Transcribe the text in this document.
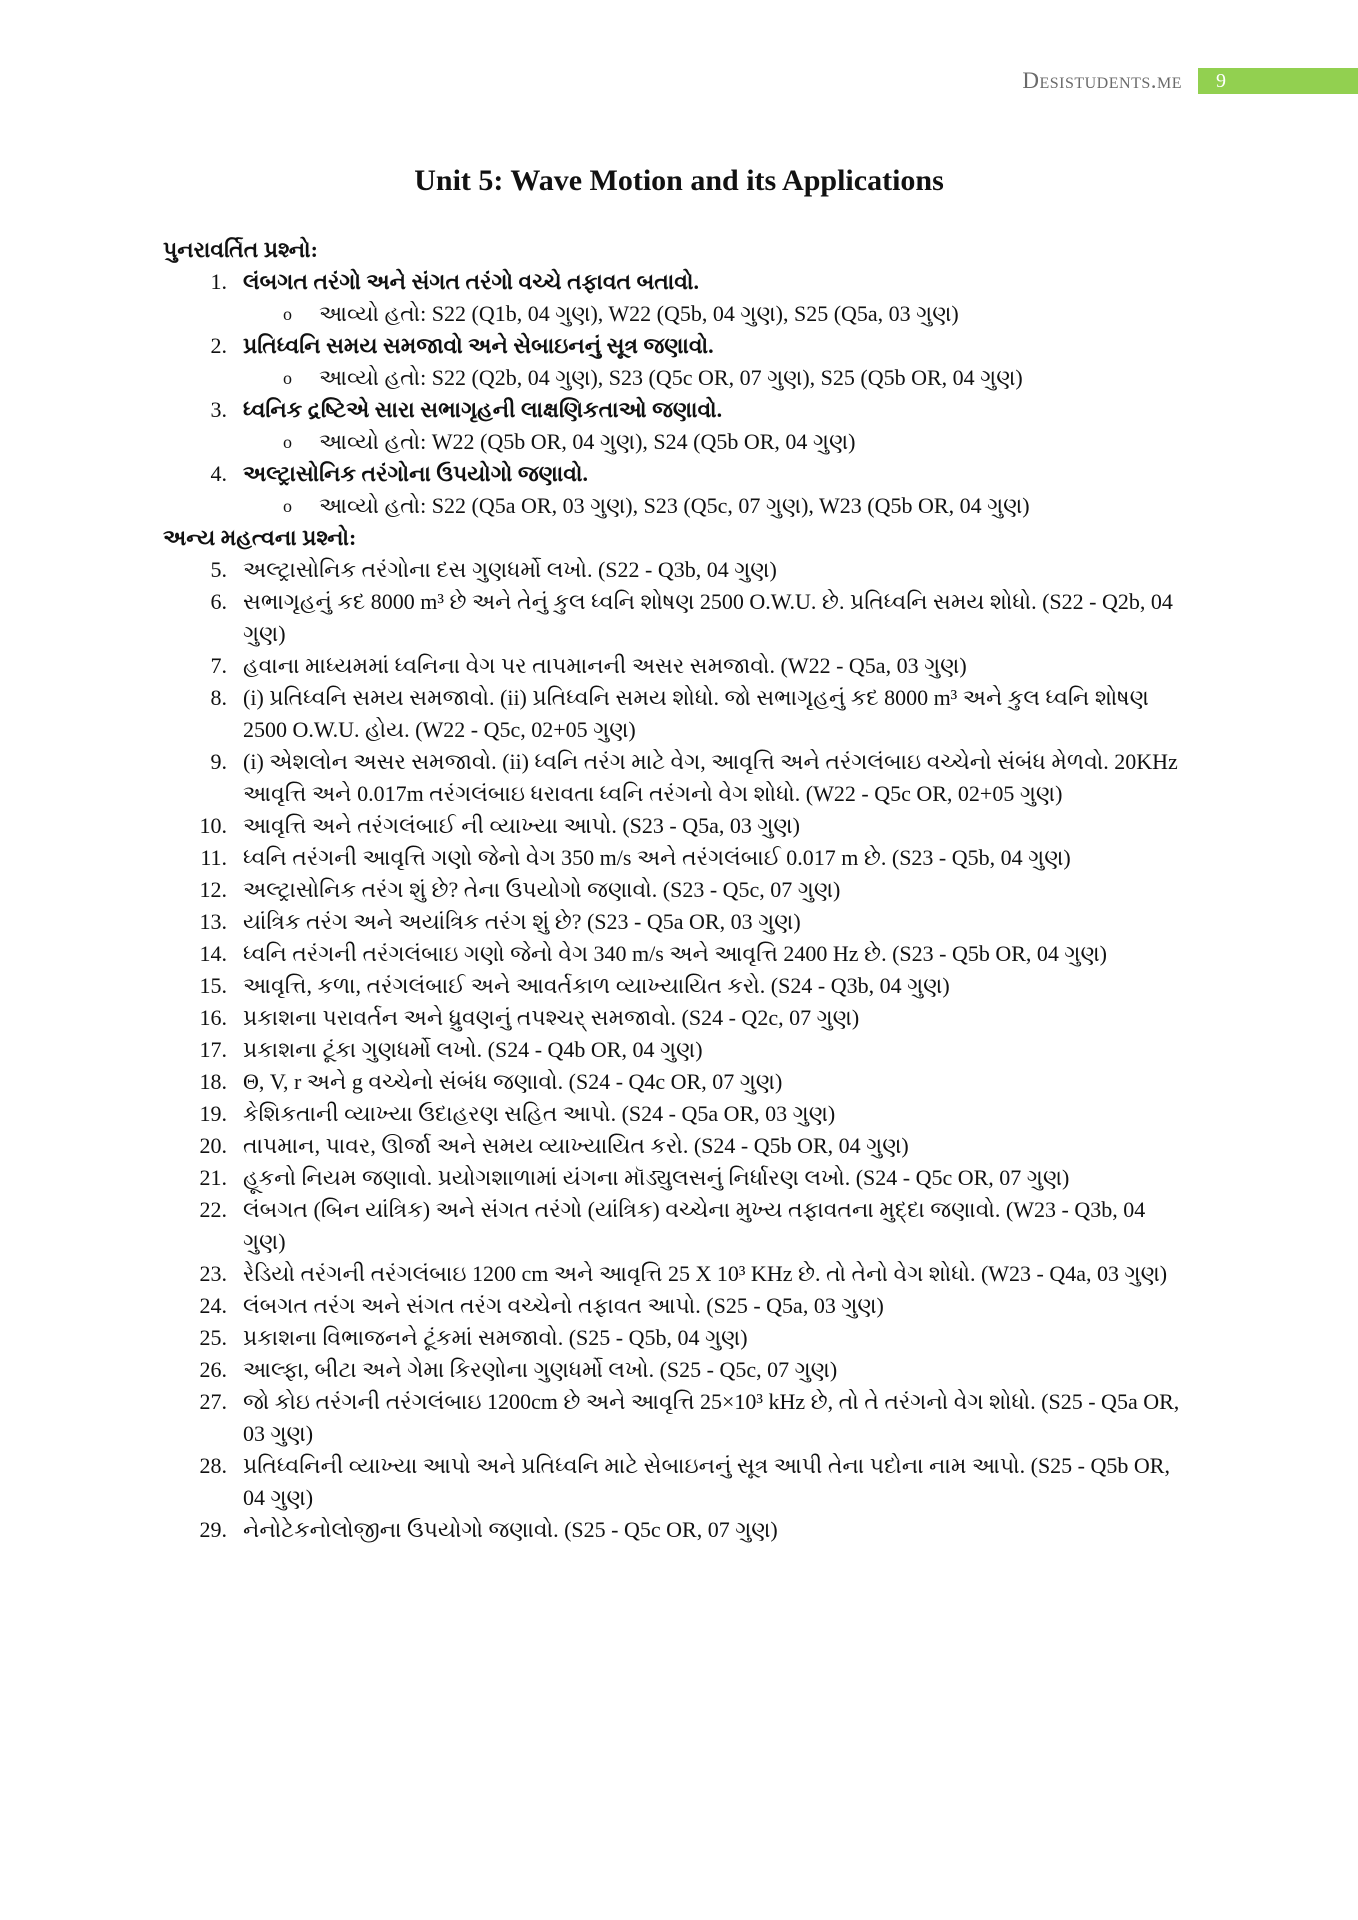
Desistudents.me	9
Unit 5: Wave Motion and its Applications
પુનરાવર્તિત પ્રશ્નો:
1. લંબગત તરંગો અને સંગત તરંગો વચ્ચે તફાવત બતાવો.
o	આવ્યો હતો: S22 (Q1b, 04 ગુણ), W22 (Q5b, 04 ગુણ), S25 (Q5a, 03 ગુણ)
2. પ્રતિધ્વનિ સમય સમજાવો અને સેબાઇનનું સૂત્ર જણાવો.
o	આવ્યો હતો: S22 (Q2b, 04 ગુણ), S23 (Q5c OR, 07 ગુણ), S25 (Q5b OR, 04 ગુણ)
3. ધ્વનિક દ્રષ્ટિએ સારા સભાગૃહની લાક્ષણિકતાઓ જણાવો.
o	આવ્યો હતો: W22 (Q5b OR, 04 ગુણ), S24 (Q5b OR, 04 ગુણ)
4. અલ્ટ્રાસોનિક તરંગોના ઉપયોગો જણાવો.
o	આવ્યો હતો: S22 (Q5a OR, 03 ગુણ), S23 (Q5c, 07 ગુણ), W23 (Q5b OR, 04 ગુણ)
અન્ય મહત્વના પ્રશ્નો:
5. અલ્ટ્રાસોનિક તરંગોના દસ ગુણધર્મો લખો. (S22 - Q3b, 04 ગુણ)
6. સભાગૃહનું કદ 8000 m³ છે અને તેનું કુલ ધ્વનિ શોષણ 2500 O.W.U. છે. પ્રતિધ્વનિ સમય શોધો. (S22 - Q2b, 04 ગુણ)
7. હવાના માધ્યમમાં ધ્વનિના વેગ પર તાપમાનની અસર સમજાવો. (W22 - Q5a, 03 ગુણ)
8. (i) પ્રતિધ્વનિ સમય સમજાવો. (ii) પ્રતિધ્વનિ સમય શોધો. જો સભાગૃહનું કદ 8000 m³ અને કુલ ધ્વનિ શોષણ 2500 O.W.U. હોય. (W22 - Q5c, 02+05 ગુણ)
9. (i) એશલોન અસર સમજાવો. (ii) ધ્વનિ તરંગ માટે વેગ, આવૃત્તિ અને તરંગલંબાઇ વચ્ચેનો સંબંધ મેળવો. 20KHz આવૃત્તિ અને 0.017m તરંગલંબાઇ ધરાવતા ધ્વનિ તરંગનો વેગ શોધો. (W22 - Q5c OR, 02+05 ગુણ)
10. આવૃત્તિ અને તરંગલંબાઈ ની વ્યાખ્યા આપો. (S23 - Q5a, 03 ગુણ)
11. ધ્વનિ તરંગની આવૃત્તિ ગણો જેનો વેગ 350 m/s અને તરંગલંબાઈ 0.017 m છે. (S23 - Q5b, 04 ગુણ)
12. અલ્ટ્રાસોનિક તરંગ શું છે? તેના ઉપયોગો જણાવો. (S23 - Q5c, 07 ગુણ)
13. યાંત્રિક તરંગ અને અયાંત્રિક તરંગ શું છે? (S23 - Q5a OR, 03 ગુણ)
14. ધ્વનિ તરંગની તરંગલંબાઇ ગણો જેનો વેગ 340 m/s અને આવૃત્તિ 2400 Hz છે. (S23 - Q5b OR, 04 ગુણ)
15. આવૃત્તિ, કળા, તરંગલંબાઈ અને આવર્તકાળ વ્યાખ્યાયિત કરો. (S24 - Q3b, 04 ગુણ)
16. પ્રકાશના પરાવર્તન અને ધ્રુવણનું તપશ્ચર્ સમજાવો. (S24 - Q2c, 07 ગુણ)
17. પ્રકાશના ટૂંકા ગુણધર્મો લખો. (S24 - Q4b OR, 04 ગુણ)
18. Θ, V, r અને g વચ્ચેનો સંબંધ જણાવો. (S24 - Q4c OR, 07 ગુણ)
19. કેશિકતાની વ્યાખ્યા ઉદાહરણ સહિત આપો. (S24 - Q5a OR, 03 ગુણ)
20. તાપમાન, પાવર, ઊર્જા અને સમય વ્યાખ્યાયિત કરો. (S24 - Q5b OR, 04 ગુણ)
21. હૂકનો નિયમ જણાવો. પ્રયોગશાળામાં યંગના મૉડ્યુલસનું નિર્ધારણ લખો. (S24 - Q5c OR, 07 ગુણ)
22. લંબગત (બિન યાંત્રિક) અને સંગત તરંગો (યાંત્રિક) વચ્ચેના મુખ્ય તફાવતના મુદ્દા જણાવો. (W23 - Q3b, 04 ગુણ)
23. રેડિયો તરંગની તરંગલંબાઇ 1200 cm અને આવૃત્તિ 25 X 10³ KHz છે. તો તેનો વેગ શોધો. (W23 - Q4a, 03 ગુણ)
24. લંબગત તરંગ અને સંગત તરંગ વચ્ચેનો તફાવત આપો. (S25 - Q5a, 03 ગુણ)
25. પ્રકાશના વિભાજનને ટૂંકમાં સમજાવો. (S25 - Q5b, 04 ગુણ)
26. આલ્ફા, બીટા અને ગેમા કિરણોના ગુણધર્મો લખો. (S25 - Q5c, 07 ગુણ)
27. જો કોઇ તરંગની તરંગલંબાઇ 1200cm છે અને આવૃત્તિ 25×10³ kHz છે, તો તે તરંગનો વેગ શોધો. (S25 - Q5a OR, 03 ગુણ)
28. પ્રતિધ્વનિની વ્યાખ્યા આપો અને પ્રતિધ્વનિ માટે સેબાઇનનું સૂત્ર આપી તેના પદોના નામ આપો. (S25 - Q5b OR, 04 ગુણ)
29. નેનોટેકનોલોજીના ઉપયોગો જણાવો. (S25 - Q5c OR, 07 ગુણ)
